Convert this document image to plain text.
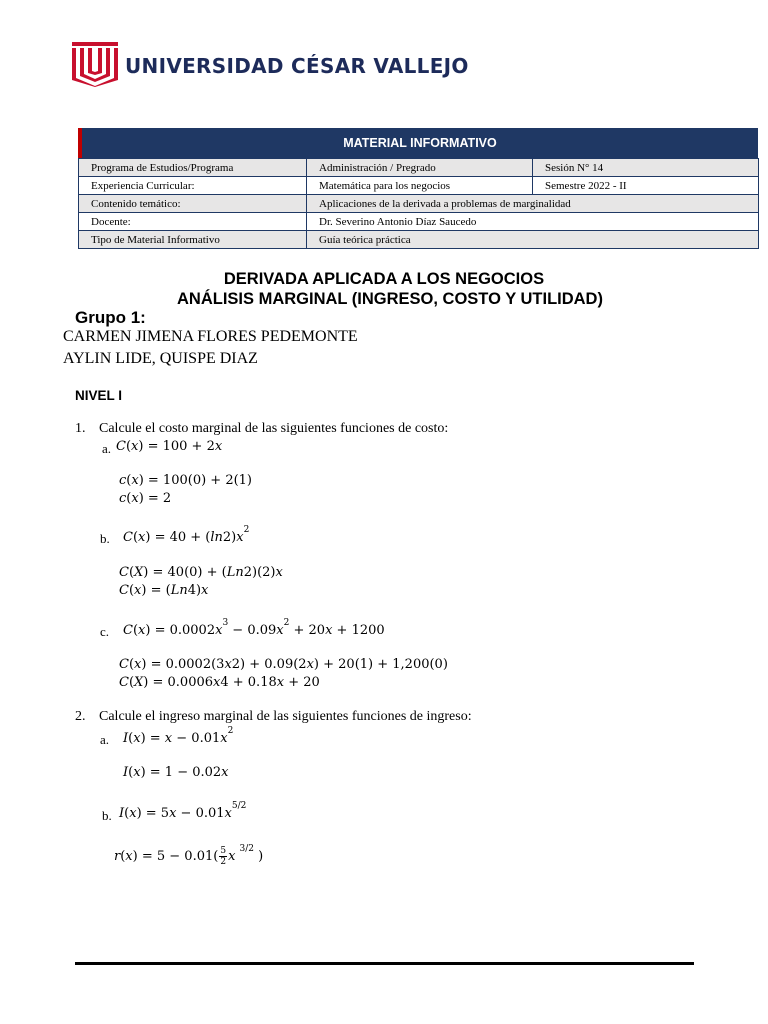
UNIVERSIDAD CÉSAR VALLEJO
MATERIAL INFORMATIVO
Programa de Estudios/Programa	Administración / Pregrado	Sesión N° 14
Experiencia Curricular:	Matemática para los negocios	Semestre 2022 - II
Contenido temático:	Aplicaciones de la derivada a problemas de marginalidad	
Docente:	Dr. Severino Antonio Díaz Saucedo	
Tipo de Material Informativo	Guía teórica práctica	
DERIVADA APLICADA A LOS NEGOCIOS
ANÁLISIS MARGINAL (INGRESO, COSTO Y UTILIDAD)
Grupo 1:
CARMEN JIMENA FLORES PEDEMONTE
AYLIN LIDE, QUISPE DIAZ
NIVEL I
1. Calcule el costo marginal de las siguientes funciones de costo:
a. C(x) = 100 + 2x
c(x) = 100(0) + 2(1)
c(x) = 2
b. $C(x) = 40 + (\ln 2)x^2$
C(X) = 40(0) + (Ln2)(2)x
C(x) = (Ln4)x
c. $C(x) = 0.0002x^3 - 0.09x^2 + 20x + 1200$
C(x) = 0.0002(3x2) + 0.09(2x) + 20(1) + 1,200(0)
C(X) = 0.0006x4 + 0.18x + 20
2. Calcule el ingreso marginal de las siguientes funciones de ingreso:
a. $I(x) = x - 0.01x^2$
I(x) = 1 − 0.02x
b. $I(x) = 5x - 0.01x^{5/2}$
$r(x) = 5 - 0.01( \frac{5}{2}$ x $^{3/2}$ )
